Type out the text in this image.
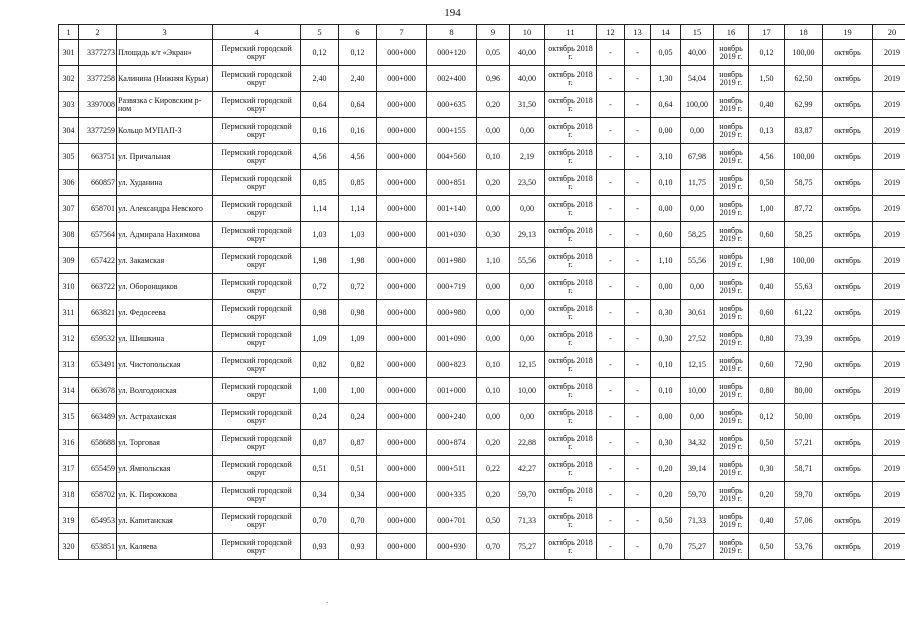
194
1	2	3	4	5	6	7	8	9	10	11	12	13	14	15	16	17	18	19	20
301	3377273	Площадь к/т «Экран»	Пермский городской округ	0,12	0,12	000+000	000+120	0,05	40,00	октябрь 2018 г.	-	-	0,05	40,00	ноябрь 2019 г.	0,12	100,00	октябрь	2019
302	3377258	Калинина (Нижняя Курья)	Пермский городской округ	2,40	2,40	000+000	002+400	0,96	40,00	октябрь 2018 г.	-	-	1,30	54,04	ноябрь 2019 г.	1,50	62,50	октябрь	2019
303	3397008	Развязка с Кировским р-ном	Пермский городской округ	0,64	0,64	000+000	000+635	0,20	31,50	октябрь 2018 г.	-	-	0,64	100,00	ноябрь 2019 г.	0,40	62,99	октябрь	2019
304	3377259	Кольцо МУПАП-3	Пермский городской округ	0,16	0,16	000+000	000+155	0,00	0,00	октябрь 2018 г.	-	-	0,00	0,00	ноябрь 2019 г.	0,13	83,87	октябрь	2019
305	663751	ул. Причальная	Пермский городской округ	4,56	4,56	000+000	004+560	0,10	2,19	октябрь 2018 г.	-	-	3,10	67,98	ноябрь 2019 г.	4,56	100,00	октябрь	2019
306	660857	ул. Худанина	Пермский городской округ	0,85	0,85	000+000	000+851	0,20	23,50	октябрь 2018 г.	-	-	0,10	11,75	ноябрь 2019 г.	0,50	58,75	октябрь	2019
307	658701	ул. Александра Невского	Пермский городской округ	1,14	1,14	000+000	001+140	0,00	0,00	октябрь 2018 г.	-	-	0,00	0,00	ноябрь 2019 г.	1,00	87,72	октябрь	2019
308	657564	ул. Адмирала Нахимова	Пермский городской округ	1,03	1,03	000+000	001+030	0,30	29,13	октябрь 2018 г.	-	-	0,60	58,25	ноябрь 2019 г.	0,60	58,25	октябрь	2019
309	657422	ул. Закамская	Пермский городской округ	1,98	1,98	000+000	001+980	1,10	55,56	октябрь 2018 г.	-	-	1,10	55,56	ноябрь 2019 г.	1,98	100,00	октябрь	2019
310	663722	ул. Оборонщиков	Пермский городской округ	0,72	0,72	000+000	000+719	0,00	0,00	октябрь 2018 г.	-	-	0,00	0,00	ноябрь 2019 г.	0,40	55,63	октябрь	2019
311	663821	ул. Федосеева	Пермский городской округ	0,98	0,98	000+000	000+980	0,00	0,00	октябрь 2018 г.	-	-	0,30	30,61	ноябрь 2019 г.	0,60	61,22	октябрь	2019
312	659532	ул. Шишкина	Пермский городской округ	1,09	1,09	000+000	001+090	0,00	0,00	октябрь 2018 г.	-	-	0,30	27,52	ноябрь 2019 г.	0,80	73,39	октябрь	2019
313	653491	ул. Чистопольская	Пермский городской округ	0,82	0,82	000+000	000+823	0,10	12,15	октябрь 2018 г.	-	-	0,10	12,15	ноябрь 2019 г.	0,60	72,90	октябрь	2019
314	663678	ул. Волгодонская	Пермский городской округ	1,00	1,00	000+000	001+000	0,10	10,00	октябрь 2018 г.	-	-	0,10	10,00	ноябрь 2019 г.	0,80	80,00	октябрь	2019
315	663489	ул. Астраханская	Пермский городской округ	0,24	0,24	000+000	000+240	0,00	0,00	октябрь 2018 г.	-	-	0,00	0,00	ноябрь 2019 г.	0,12	50,00	октябрь	2019
316	658688	ул. Торговая	Пермский городской округ	0,87	0,87	000+000	000+874	0,20	22,88	октябрь 2018 г.	-	-	0,30	34,32	ноябрь 2019 г.	0,50	57,21	октябрь	2019
317	655459	ул. Ямпольская	Пермский городской округ	0,51	0,51	000+000	000+511	0,22	42,27	октябрь 2018 г.	-	-	0,20	39,14	ноябрь 2019 г.	0,30	58,71	октябрь	2019
318	658702	ул. К. Пирожкова	Пермский городской округ	0,34	0,34	000+000	000+335	0,20	59,70	октябрь 2018 г.	-	-	0,20	59,70	ноябрь 2019 г.	0,20	59,70	октябрь	2019
319	654953	ул. Капитанская	Пермский городской округ	0,70	0,70	000+000	000+701	0,50	71,33	октябрь 2018 г.	-	-	0,50	71,33	ноябрь 2019 г.	0,40	57,06	октябрь	2019
320	653851	ул. Каляева	Пермский городской округ	0,93	0,93	000+000	000+930	0,70	75,27	октябрь 2018 г.	-	-	0,70	75,27	ноябрь 2019 г.	0,50	53,76	октябрь	2019
